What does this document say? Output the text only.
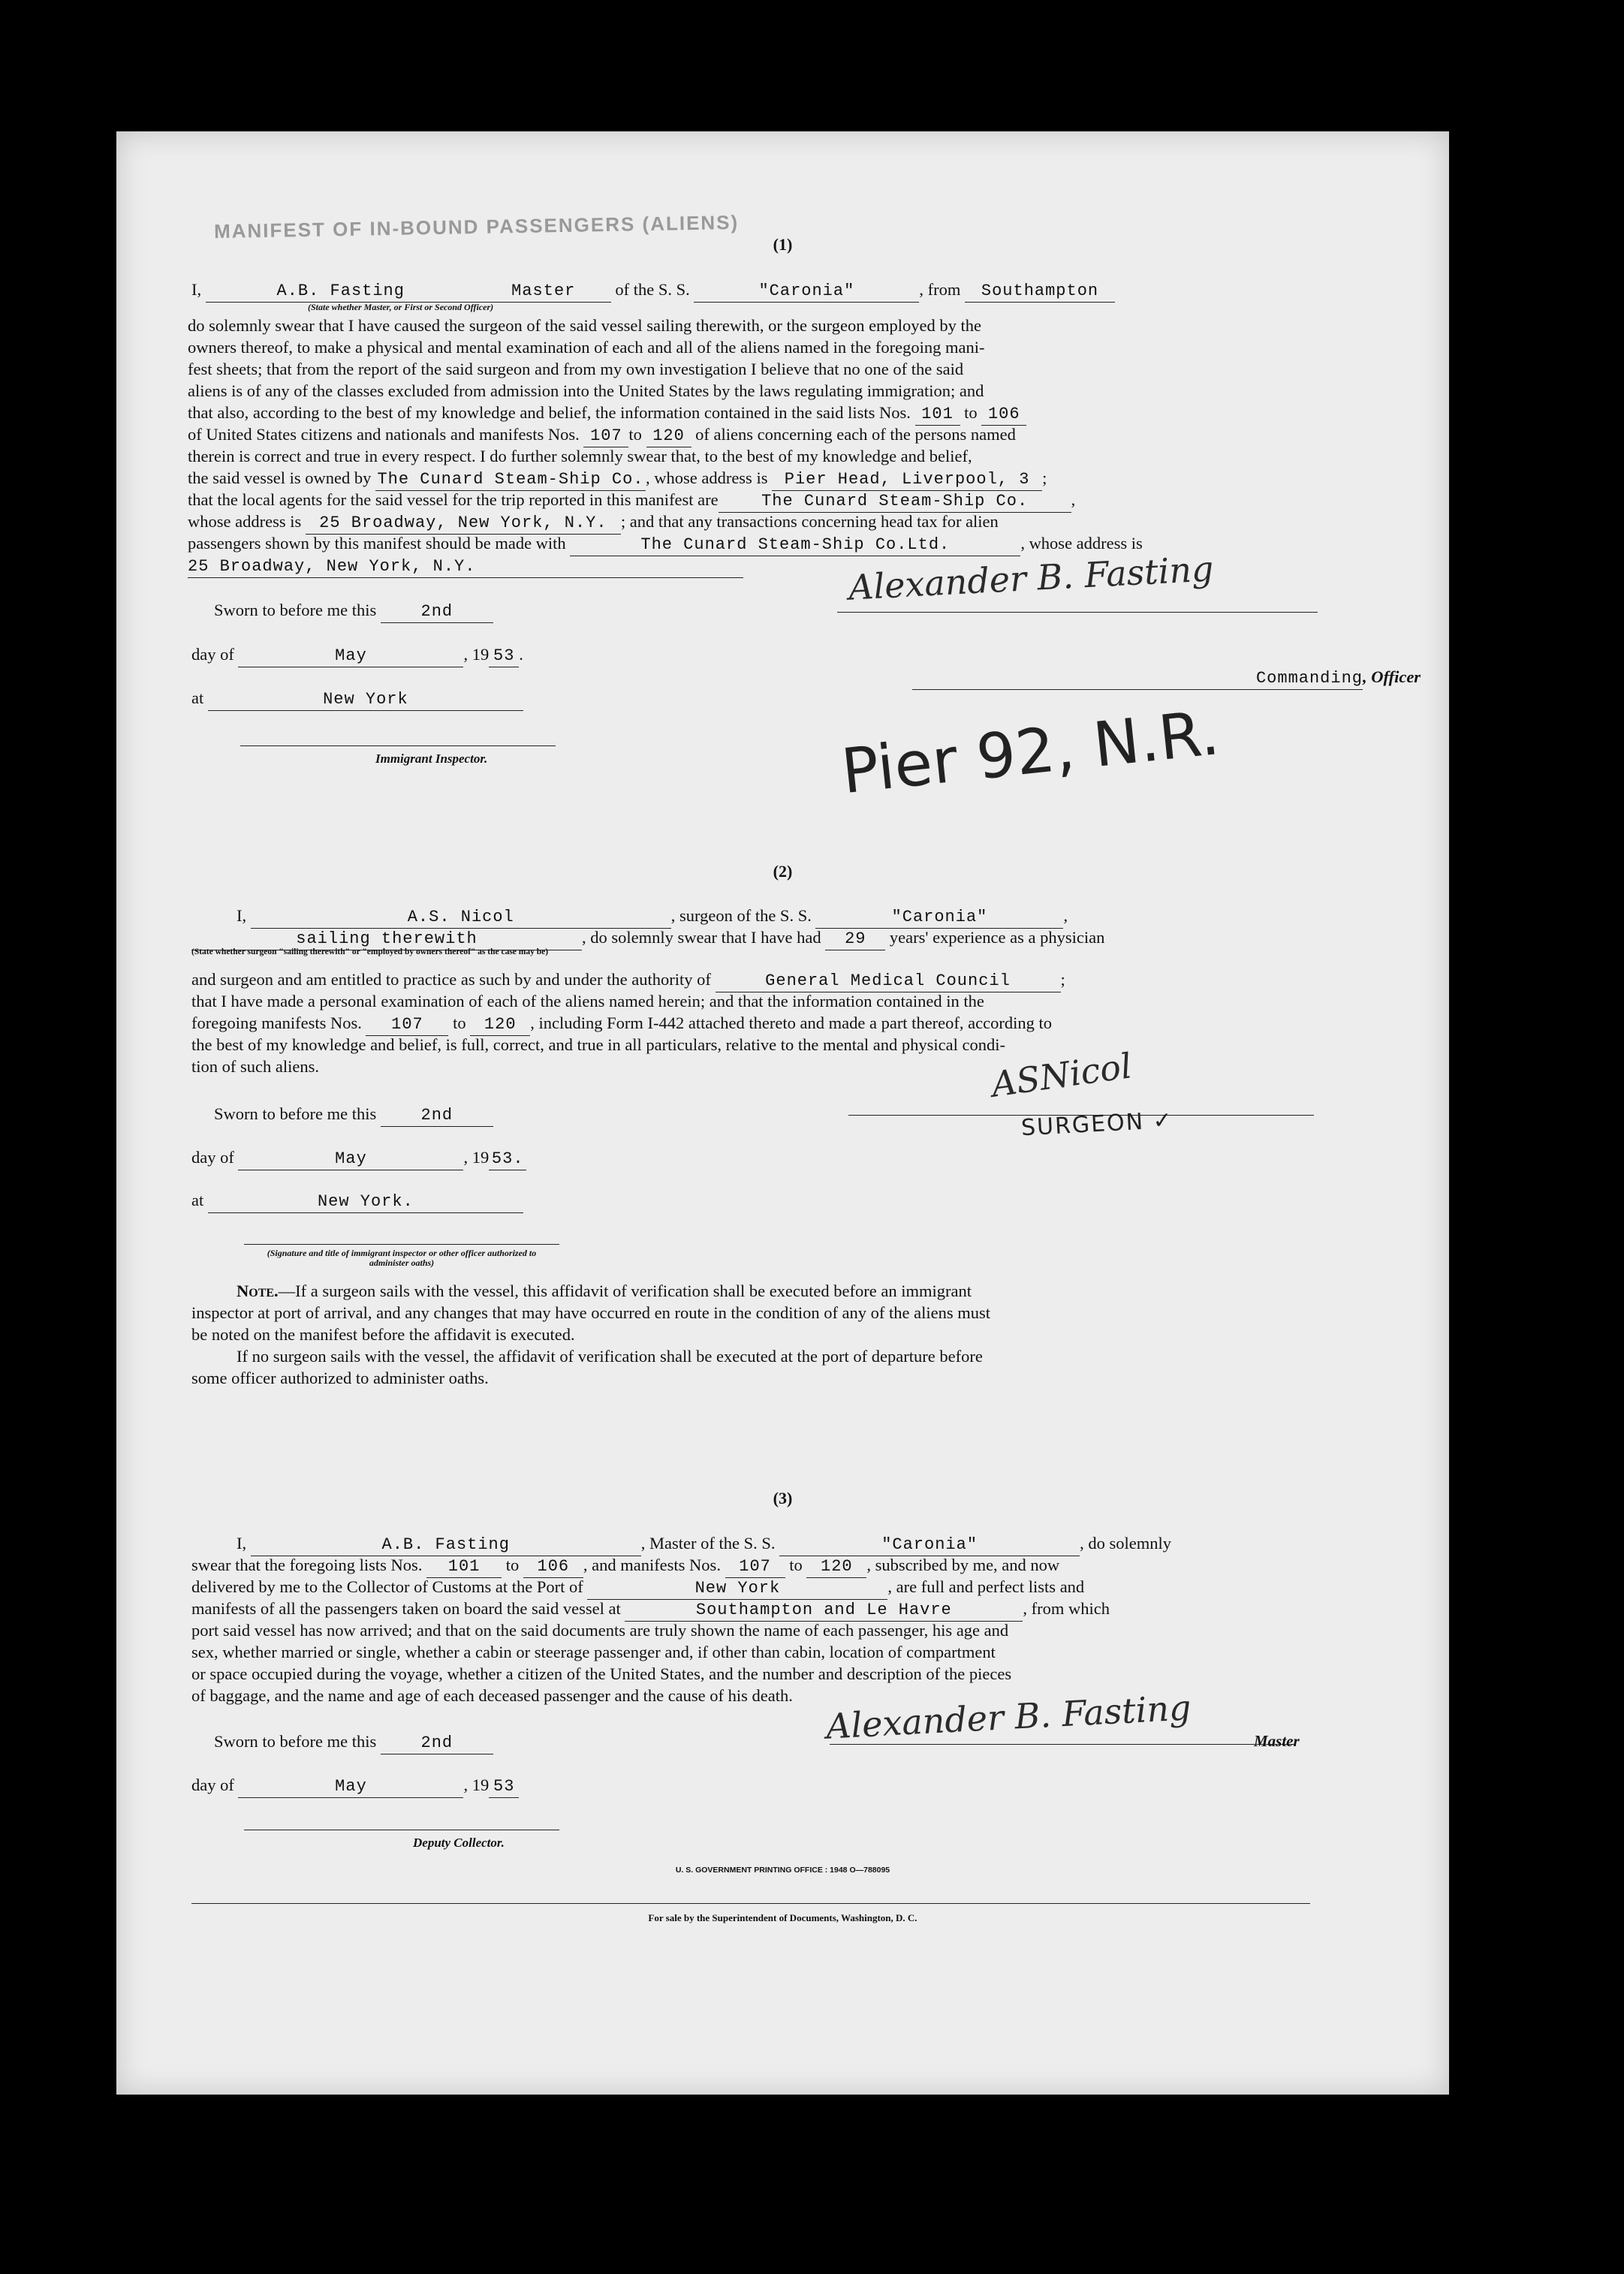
MANIFEST OF IN-BOUND PASSENGERS (ALIENS)
(1)
I,	A.B. Fasting	Master of the S. S.	"Caronia"	, from Southampton
(State whether Master, or First or Second Officer)
do solemnly swear that I have caused the surgeon of the said vessel sailing therewith, or the surgeon employed by the
owners thereof, to make a physical and mental examination of each and all of the aliens named in the foregoing mani-
fest sheets; that from the report of the said surgeon and from my own investigation I believe that no one of the said
aliens is of any of the classes excluded from admission into the United States by the laws regulating immigration; and
that also, according to the best of my knowledge and belief, the information contained in the said lists Nos. 101 to 106
of United States citizens and nationals and manifests Nos. 107 to 120 of aliens concerning each of the persons named
therein is correct and true in every respect. I do further solemnly swear that, to the best of my knowledge and belief,
the said vessel is owned by The Cunard Steam-Ship Co. , whose address is Pier Head, Liverpool, 3 ;
that the local agents for the said vessel for the trip reported in this manifest are	The Cunard Steam-Ship Co.	,
whose address is 25 Broadway, New York, N.Y. ; and that any transactions concerning head tax for alien
passengers shown by this manifest should be made with	The Cunard Steam-Ship Co.Ltd.	, whose address is
25 Broadway, New York, N.Y.
Sworn to before me this	2nd
day of	May	, 19 53 .
at	New York
Immigrant Inspector.
Alexander B. Fasting
Commanding, Officer
Pier 92, N.R.
(2)
I,	A.S. Nicol	, surgeon of the S. S.	"Caronia"	,
sailing therewith	, do solemnly swear that I have had 29 years' experience as a physician
(State whether surgeon "sailing therewith" or "employed by owners thereof" as the case may be)
and surgeon and am entitled to practice as such by and under the authority of	General Medical Council	;
that I have made a personal examination of each of the aliens named herein; and that the information contained in the
foregoing manifests Nos. 107 to 120 , including Form I-442 attached thereto and made a part thereof, according to
the best of my knowledge and belief, is full, correct, and true in all particulars, relative to the mental and physical condi-
tion of such aliens.
Sworn to before me this	2nd
day of	May	, 19 53.
at	New York.
(Signature and title of immigrant inspector or other officer authorized to administer oaths)
ASNicol
SURGEON ✓
Note.—If a surgeon sails with the vessel, this affidavit of verification shall be executed before an immigrant
inspector at port of arrival, and any changes that may have occurred en route in the condition of any of the aliens must
be noted on the manifest before the affidavit is executed.
If no surgeon sails with the vessel, the affidavit of verification shall be executed at the port of departure before
some officer authorized to administer oaths.
(3)
I,	A.B. Fasting	, Master of the S. S.	"Caronia"	, do solemnly
swear that the foregoing lists Nos. 101 to 106 , and manifests Nos. 107 to 120 , subscribed by me, and now
delivered by me to the Collector of Customs at the Port of	New York	, are full and perfect lists and
manifests of all the passengers taken on board the said vessel at	Southampton and Le Havre	, from which
port said vessel has now arrived; and that on the said documents are truly shown the name of each passenger, his age and
sex, whether married or single, whether a cabin or steerage passenger and, if other than cabin, location of compartment
or space occupied during the voyage, whether a citizen of the United States, and the number and description of the pieces
of baggage, and the name and age of each deceased passenger and the cause of his death.
Sworn to before me this	2nd
day of	May	, 19 53
Deputy Collector.
Alexander B. Fasting	Master
U. S. GOVERNMENT PRINTING OFFICE : 1948 O—788095
For sale by the Superintendent of Documents, Washington, D. C.
